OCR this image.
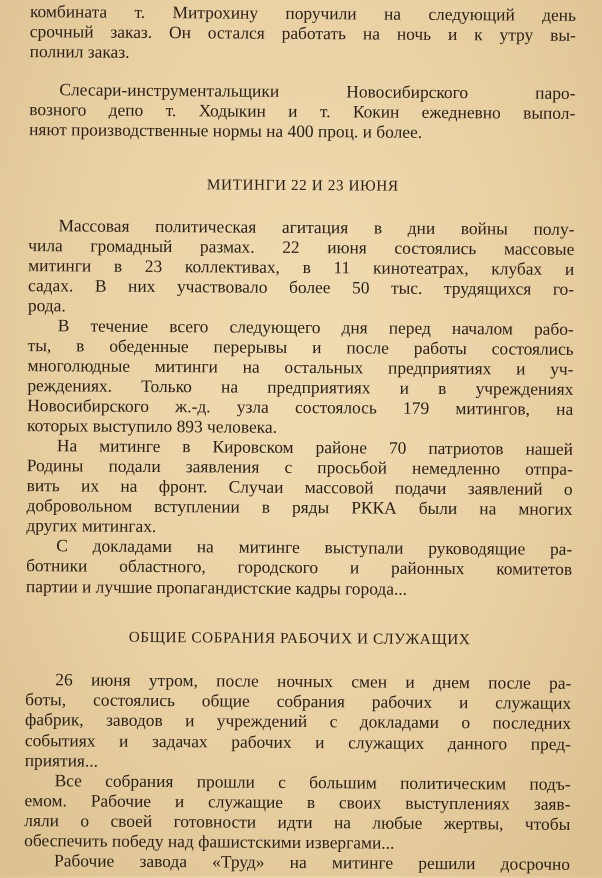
комбината т. Митрохину поручили на следующий день
срочный заказ. Он остался работать на ночь и к утру вы-
полнил заказ.
Слесари-инструментальщики Новосибирского паро-
возного депо т. Ходыкин и т. Кокин ежедневно выпол-
няют производственные нормы на 400 проц. и более.
МИТИНГИ 22 И 23 ИЮНЯ
Массовая политическая агитация в дни войны полу-
чила громадный размах. 22 июня состоялись массовые
митинги в 23 коллективах, в 11 кинотеатрах, клубах и
садах. В них участвовало более 50 тыс. трудящихся го-
рода.
В течение всего следующего дня перед началом рабо-
ты, в обеденные перерывы и после работы состоялись
многолюдные митинги на остальных предприятиях и уч-
реждениях. Только на предприятиях и в учреждениях
Новосибирского ж.-д. узла состоялось 179 митингов, на
которых выступило 893 человека.
На митинге в Кировском районе 70 патриотов нашей
Родины подали заявления с просьбой немедленно отпра-
вить их на фронт. Случаи массовой подачи заявлений о
добровольном вступлении в ряды РККА были на многих
других митингах.
С докладами на митинге выступали руководящие ра-
ботники областного, городского и районных комитетов
партии и лучшие пропагандистские кадры города...
ОБЩИЕ СОБРАНИЯ РАБОЧИХ И СЛУЖАЩИХ
26 июня утром, после ночных смен и днем после ра-
боты, состоялись общие собрания рабочих и служащих
фабрик, заводов и учреждений с докладами о последних
событиях и задачах рабочих и служащих данного пред-
приятия...
Все собрания прошли с большим политическим подъ-
емом. Рабочие и служащие в своих выступлениях заяв-
ляли о своей готовности идти на любые жертвы, чтобы
обеспечить победу над фашистскими извергами...
Рабочие завода «Труд» на митинге решили досрочно
